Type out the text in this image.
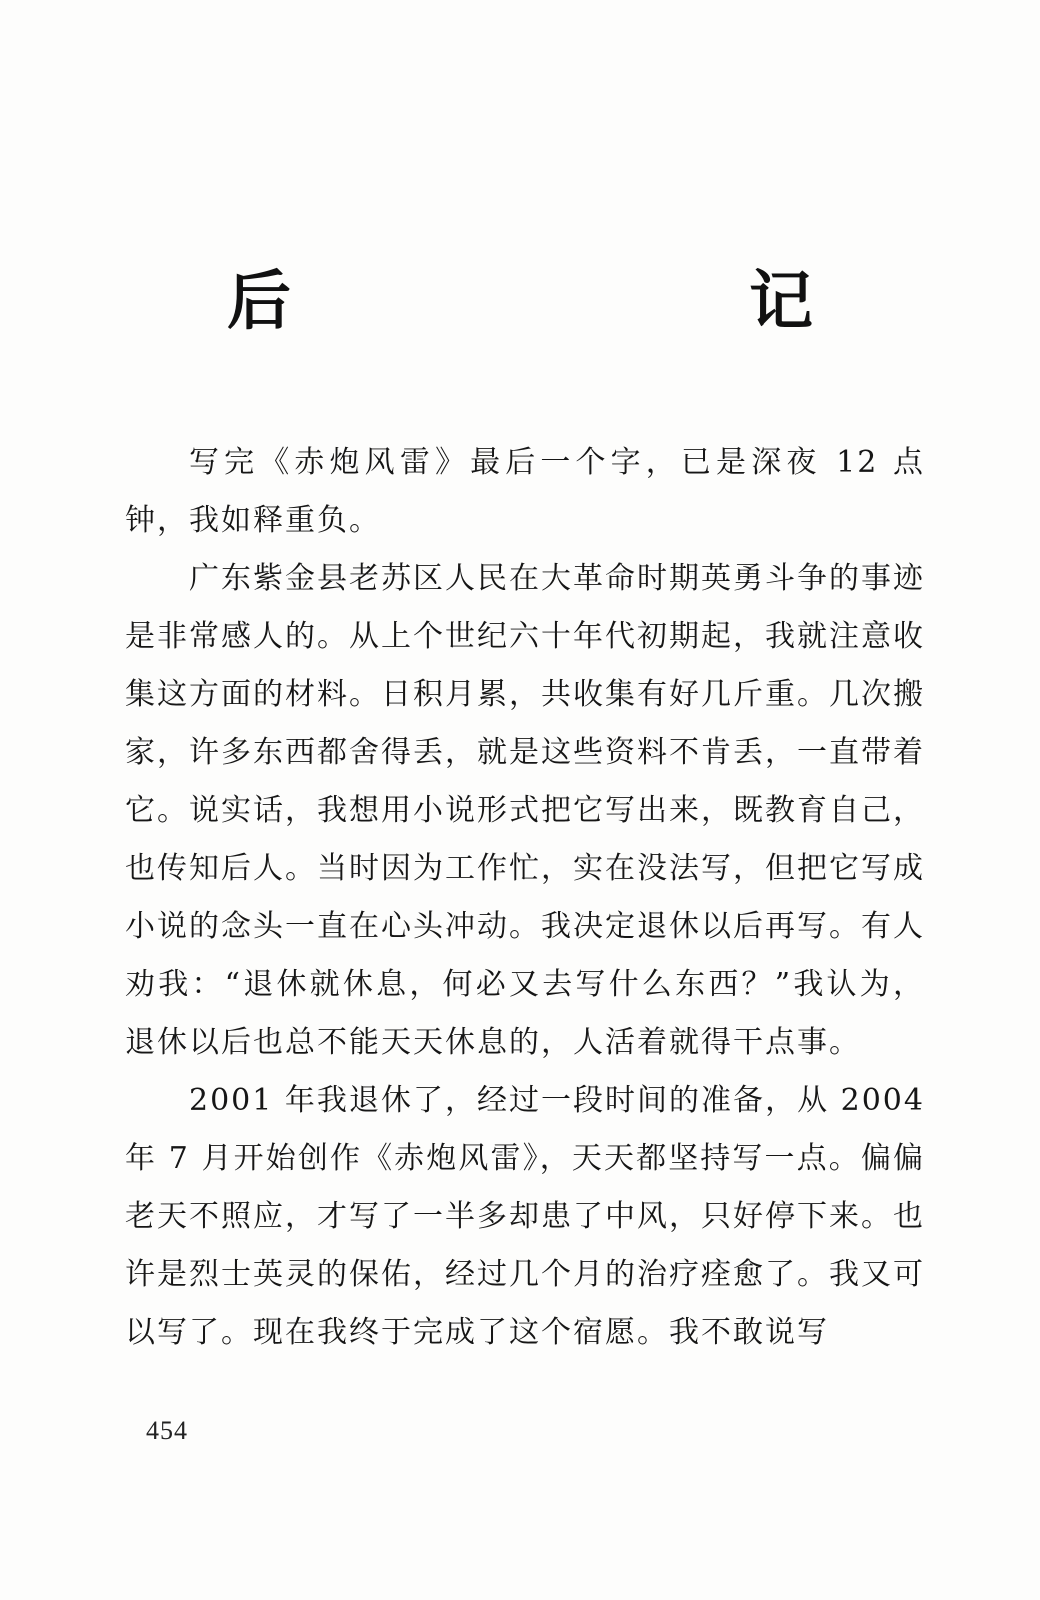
后　　记

写完《赤炮风雷》最后一个字，已是深夜 12 点钟，我如释重负。

广东紫金县老苏区人民在大革命时期英勇斗争的事迹是非常感人的。从上个世纪六十年代初期起，我就注意收集这方面的材料。日积月累，共收集有好几斤重。几次搬家，许多东西都舍得丢，就是这些资料不肯丢，一直带着它。说实话，我想用小说形式把它写出来，既教育自己，也传知后人。当时因为工作忙，实在没法写，但把它写成小说的念头一直在心头冲动。我决定退休以后再写。有人劝我：“退休就休息，何必又去写什么东西？”我认为，退休以后也总不能天天休息的，人活着就得干点事。

2001 年我退休了，经过一段时间的准备，从 2004 年 7 月开始创作《赤炮风雷》，天天都坚持写一点。偏偏老天不照应，才写了一半多却患了中风，只好停下来。也许是烈士英灵的保佑，经过几个月的治疗痊愈了。我又可以写了。现在我终于完成了这个宿愿。我不敢说写

454
